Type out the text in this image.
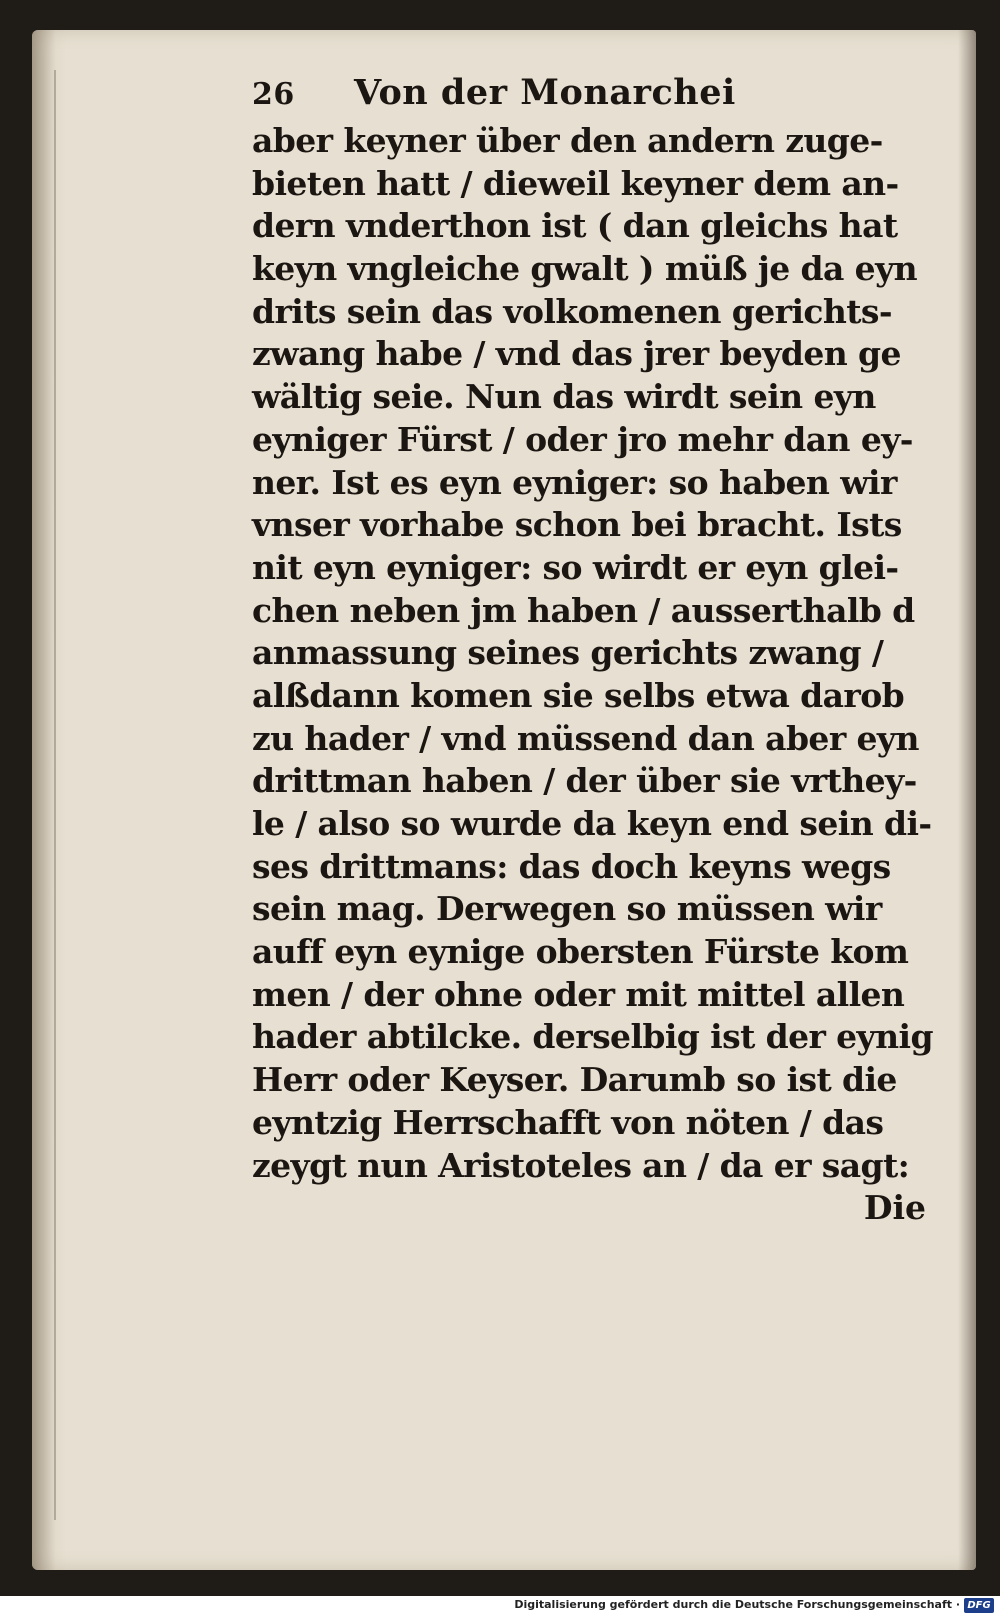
26	Von der Monarchei
aber keyner über den andern zuge-
bieten hatt / dieweil keyner dem an-
dern vnderthon ist ( dan gleichs hat
keyn vngleiche gwalt ) müß je da eyn
drits sein das volkomenen gerichts-
zwang habe / vnd das jrer beyden ge
wältig seie. Nun das wirdt sein eyn
eyniger Fürst / oder jro mehr dan ey-
ner. Ist es eyn eyniger: so haben wir
vnser vorhabe schon bei bracht. Ists
nit eyn eyniger: so wirdt er eyn glei-
chen neben jm haben / ausserthalb d
anmassung seines gerichts zwang /
alßdann komen sie selbs etwa darob
zu hader / vnd müssend dan aber eyn
drittman haben / der über sie vrthey-
le / also so wurde da keyn end sein di-
ses drittmans: das doch keyns wegs
sein mag. Derwegen so müssen wir
auff eyn eynige obersten Fürste kom
men / der ohne oder mit mittel allen
hader abtilcke. derselbig ist der eynig
Herr oder Keyser. Darumb so ist die
eyntzig Herrschafft von nöten / das
zeygt nun Aristoteles an / da er sagt:
Die
Digitalisierung gefördert durch die Deutsche Forschungsgemeinschaft · DFG
